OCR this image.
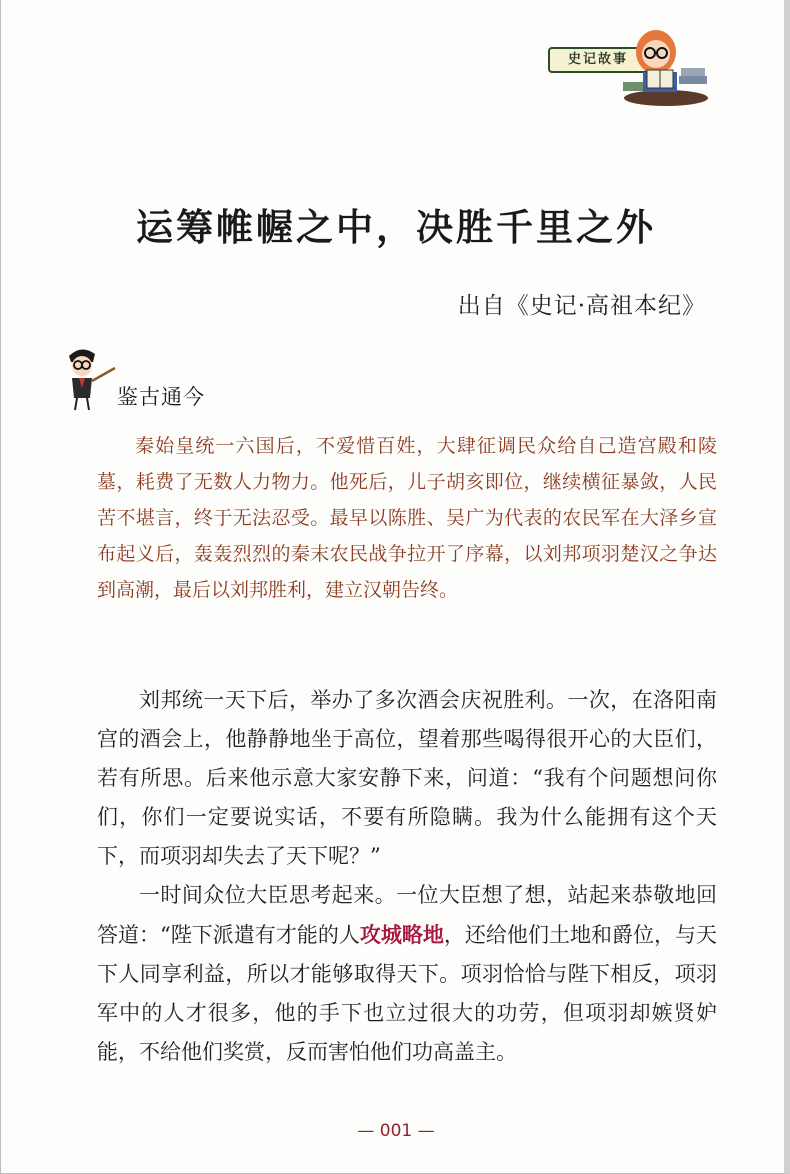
史记故事
运筹帷幄之中，决胜千里之外
出自《史记·高祖本纪》
鉴古通今

秦始皇统一六国后，不爱惜百姓，大肆征调民众给自己造宫殿和陵墓，耗费了无数人力物力。他死后，儿子胡亥即位，继续横征暴敛，人民苦不堪言，终于无法忍受。最早以陈胜、吴广为代表的农民军在大泽乡宣布起义后，轰轰烈烈的秦末农民战争拉开了序幕，以刘邦项羽楚汉之争达到高潮，最后以刘邦胜利，建立汉朝告终。

刘邦统一天下后，举办了多次酒会庆祝胜利。一次，在洛阳南宫的酒会上，他静静地坐于高位，望着那些喝得很开心的大臣们，若有所思。后来他示意大家安静下来，问道：“我有个问题想问你们，你们一定要说实话，不要有所隐瞒。我为什么能拥有这个天下，而项羽却失去了天下呢？”

一时间众位大臣思考起来。一位大臣想了想，站起来恭敬地回答道：“陛下派遣有才能的人攻城略地，还给他们土地和爵位，与天下人同享利益，所以才能够取得天下。项羽恰恰与陛下相反，项羽军中的人才很多，他的手下也立过很大的功劳，但项羽却嫉贤妒能，不给他们奖赏，反而害怕他们功高盖主。

— 001 —
